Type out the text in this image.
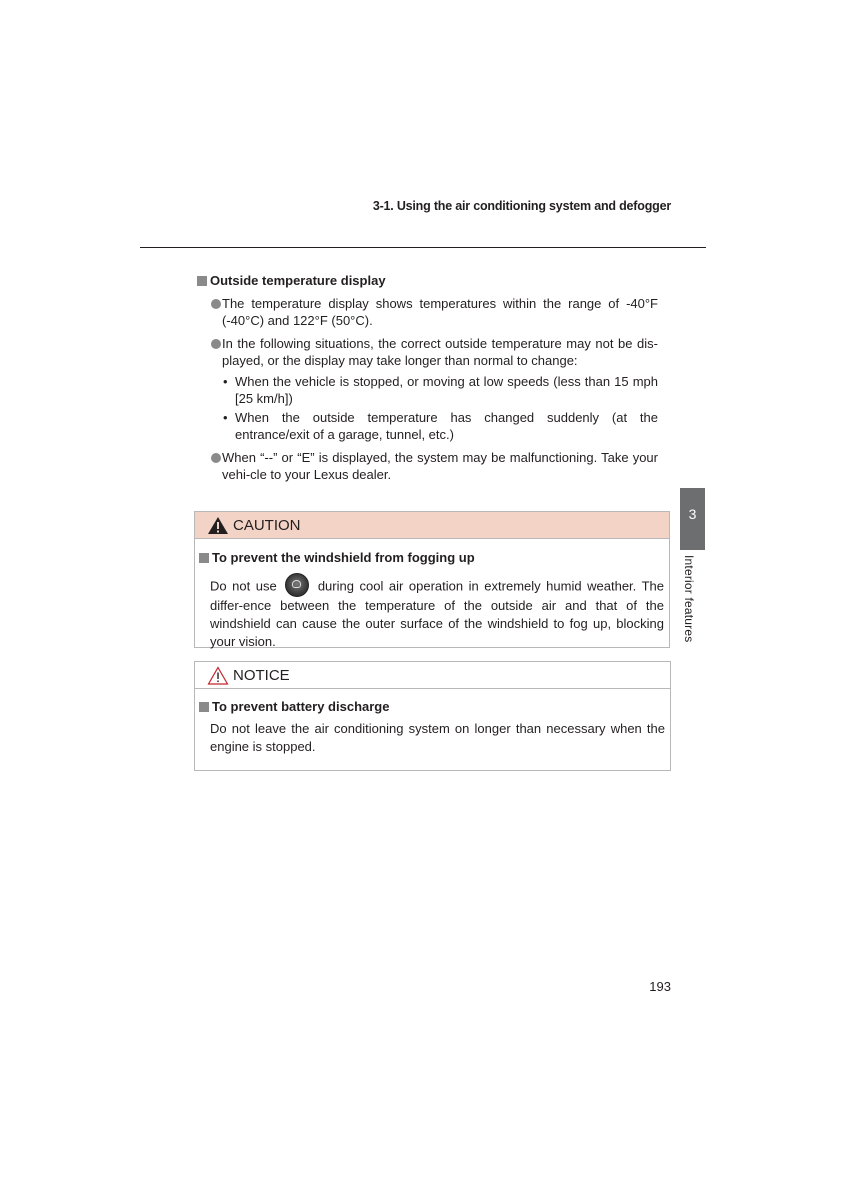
3-1. Using the air conditioning system and defogger
Outside temperature display
The temperature display shows temperatures within the range of -40°F (-40°C) and 122°F (50°C).
In the following situations, the correct outside temperature may not be dis-played, or the display may take longer than normal to change:
• When the vehicle is stopped, or moving at low speeds (less than 15 mph [25 km/h])
• When the outside temperature has changed suddenly (at the entrance/exit of a garage, tunnel, etc.)
When “--” or “E” is displayed, the system may be malfunctioning. Take your vehi-cle to your Lexus dealer.
3
Interior features
CAUTION
To prevent the windshield from fogging up
Do not use	during cool air operation in extremely humid weather. The differ-ence between the temperature of the outside air and that of the windshield can cause the outer surface of the windshield to fog up, blocking your vision.
NOTICE
To prevent battery discharge
Do not leave the air conditioning system on longer than necessary when the engine is stopped.
193
